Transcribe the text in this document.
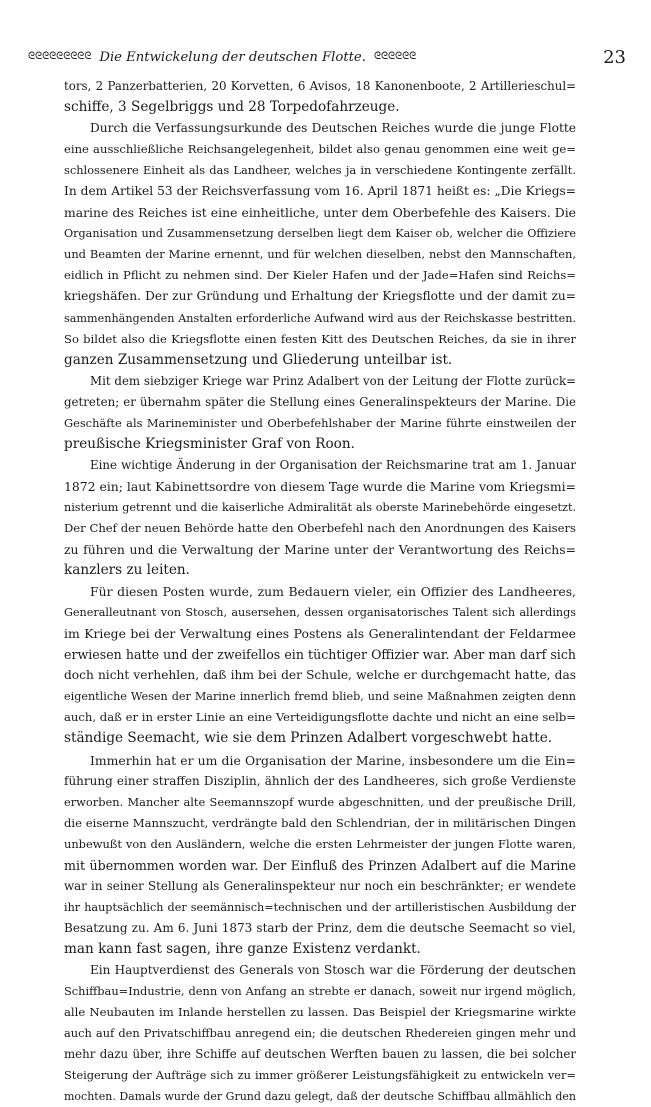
ᘓᘓᘓᘓᘓᘓᘓᘓᘓ Die Entwickelung der deutschen Flotte. ᘓᘓᘓᘓᘓᘓ	23
tors, 2 Panzerbatterien, 20 Korvetten, 6 Avisos, 18 Kanonenboote, 2 Artillerieschul=
schiffe, 3 Segelbriggs und 28 Torpedofahrzeuge.
Durch die Verfassungsurkunde des Deutschen Reiches wurde die junge Flotte
eine ausschließliche Reichsangelegenheit, bildet also genau genommen eine weit ge=
schlossenere Einheit als das Landheer, welches ja in verschiedene Kontingente zerfällt.
In dem Artikel 53 der Reichsverfassung vom 16. April 1871 heißt es: „Die Kriegs=
marine des Reiches ist eine einheitliche, unter dem Oberbefehle des Kaisers. Die
Organisation und Zusammensetzung derselben liegt dem Kaiser ob, welcher die Offiziere
und Beamten der Marine ernennt, und für welchen dieselben, nebst den Mannschaften,
eidlich in Pflicht zu nehmen sind. Der Kieler Hafen und der Jade=Hafen sind Reichs=
kriegshäfen. Der zur Gründung und Erhaltung der Kriegsflotte und der damit zu=
sammenhängenden Anstalten erforderliche Aufwand wird aus der Reichskasse bestritten.
So bildet also die Kriegsflotte einen festen Kitt des Deutschen Reiches, da sie in ihrer
ganzen Zusammensetzung und Gliederung unteilbar ist.
Mit dem siebziger Kriege war Prinz Adalbert von der Leitung der Flotte zurück=
getreten; er übernahm später die Stellung eines Generalinspekteurs der Marine. Die
Geschäfte als Marineminister und Oberbefehlshaber der Marine führte einstweilen der
preußische Kriegsminister Graf von Roon.
Eine wichtige Änderung in der Organisation der Reichsmarine trat am 1. Januar
1872 ein; laut Kabinettsordre von diesem Tage wurde die Marine vom Kriegsmi=
nisterium getrennt und die kaiserliche Admiralität als oberste Marinebehörde eingesetzt.
Der Chef der neuen Behörde hatte den Oberbefehl nach den Anordnungen des Kaisers
zu führen und die Verwaltung der Marine unter der Verantwortung des Reichs=
kanzlers zu leiten.
Für diesen Posten wurde, zum Bedauern vieler, ein Offizier des Landheeres,
Generalleutnant von Stosch, ausersehen, dessen organisatorisches Talent sich allerdings
im Kriege bei der Verwaltung eines Postens als Generalintendant der Feldarmee
erwiesen hatte und der zweifellos ein tüchtiger Offizier war. Aber man darf sich
doch nicht verhehlen, daß ihm bei der Schule, welche er durchgemacht hatte, das
eigentliche Wesen der Marine innerlich fremd blieb, und seine Maßnahmen zeigten denn
auch, daß er in erster Linie an eine Verteidigungsflotte dachte und nicht an eine selb=
ständige Seemacht, wie sie dem Prinzen Adalbert vorgeschwebt hatte.
Immerhin hat er um die Organisation der Marine, insbesondere um die Ein=
führung einer straffen Disziplin, ähnlich der des Landheeres, sich große Verdienste
erworben. Mancher alte Seemannszopf wurde abgeschnitten, und der preußische Drill,
die eiserne Mannszucht, verdrängte bald den Schlendrian, der in militärischen Dingen
unbewußt von den Ausländern, welche die ersten Lehrmeister der jungen Flotte waren,
mit übernommen worden war. Der Einfluß des Prinzen Adalbert auf die Marine
war in seiner Stellung als Generalinspekteur nur noch ein beschränkter; er wendete
ihr hauptsächlich der seemännisch=technischen und der artilleristischen Ausbildung der
Besatzung zu. Am 6. Juni 1873 starb der Prinz, dem die deutsche Seemacht so viel,
man kann fast sagen, ihre ganze Existenz verdankt.
Ein Hauptverdienst des Generals von Stosch war die Förderung der deutschen
Schiffbau=Industrie, denn von Anfang an strebte er danach, soweit nur irgend möglich,
alle Neubauten im Inlande herstellen zu lassen. Das Beispiel der Kriegsmarine wirkte
auch auf den Privatschiffbau anregend ein; die deutschen Rhedereien gingen mehr und
mehr dazu über, ihre Schiffe auf deutschen Werften bauen zu lassen, die bei solcher
Steigerung der Aufträge sich zu immer größerer Leistungsfähigkeit zu entwickeln ver=
mochten. Damals wurde der Grund dazu gelegt, daß der deutsche Schiffbau allmählich den
